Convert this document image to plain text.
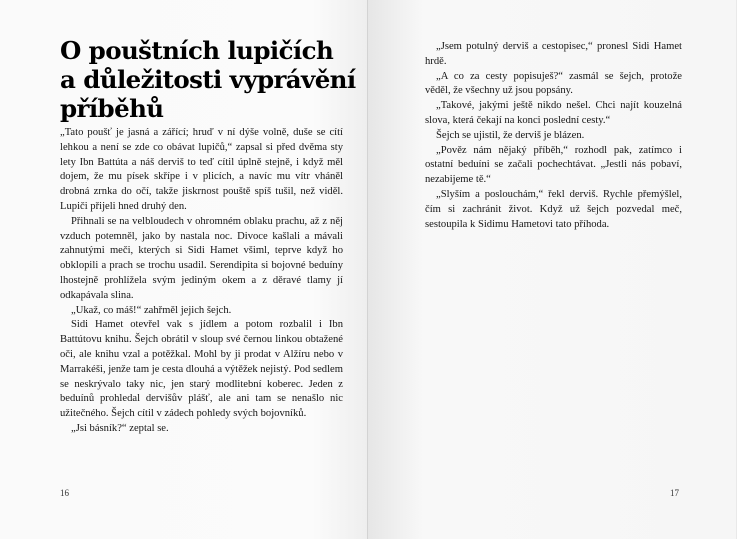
O pouštních lupičích
a důležitosti vyprávění
příběhů

„Tato poušť je jasná a zářící; hruď v ní dýše volně, duše se cítí lehkou a není se zde co obávat lupičů,“ zapsal si před dvěma sty lety Ibn Battúta a náš derviš to teď cítil úplně stejně, i když měl dojem, že mu písek skřípe i v plicích, a navíc mu vítr vháněl drobná zrnka do očí, takže jiskrnost pouště spíš tušil, než viděl. Lupiči přijeli hned druhý den.

Přihnali se na velbloudech v ohromném oblaku prachu, až z něj vzduch potemněl, jako by nastala noc. Divoce kašlali a mávali zahnutými meči, kterých si Sidi Hamet všiml, teprve když ho obklopili a prach se trochu usadil. Serendipita si bojovné beduíny lhostejně prohlížela svým jediným okem a z děravé tlamy jí odkapávala slina.

„Ukaž, co máš!“ zahřměl jejich šejch.

Sidi Hamet otevřel vak s jídlem a potom rozbalil i Ibn Battútovu knihu. Šejch obrátil v sloup své černou linkou obtažené oči, ale knihu vzal a potěžkal. Mohl by ji prodat v Alžíru nebo v Marrakéši, jenže tam je cesta dlouhá a výtěžek nejistý. Pod sedlem se neskrývalo taky nic, jen starý modlitební koberec. Jeden z beduínů prohledal dervišův plášť, ale ani tam se nenašlo nic užitečného. Šejch cítil v zádech pohledy svých bojovníků.

„Jsi básník?“ zeptal se.

16	17

„Jsem potulný derviš a cestopisec,“ pronesl Sidi Hamet hrdě.

„A co za cesty popisuješ?“ zasmál se šejch, protože věděl, že všechny už jsou popsány.

„Takové, jakými ještě nikdo nešel. Chci najít kouzelná slova, která čekají na konci poslední cesty.“

Šejch se ujistil, že derviš je blázen.

„Pověz nám nějaký příběh,“ rozhodl pak, zatímco i ostatní beduíni se začali pochechtávat. „Jestli nás pobaví, nezabijeme tě.“

„Slyším a poslouchám,“ řekl derviš. Rychle přemýšlel, čím si zachránit život. Když už šejch pozvedal meč, sestoupila k Sidimu Hametovi tato příhoda.
